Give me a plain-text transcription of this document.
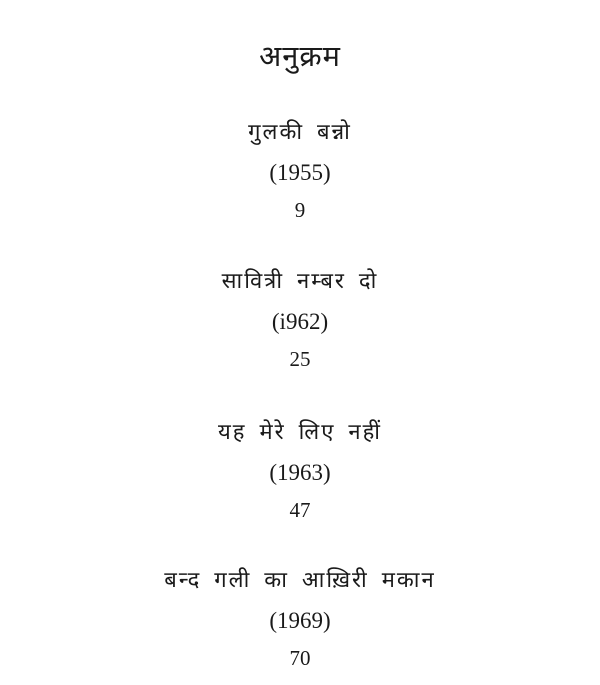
अनुक्रम
गुलकी बन्नो
(1955)
9
सावित्री नम्बर दो
(i962)
25
यह मेरे लिए नहीं
(1963)
47
बन्द गली का आख़िरी मकान
(1969)
70
